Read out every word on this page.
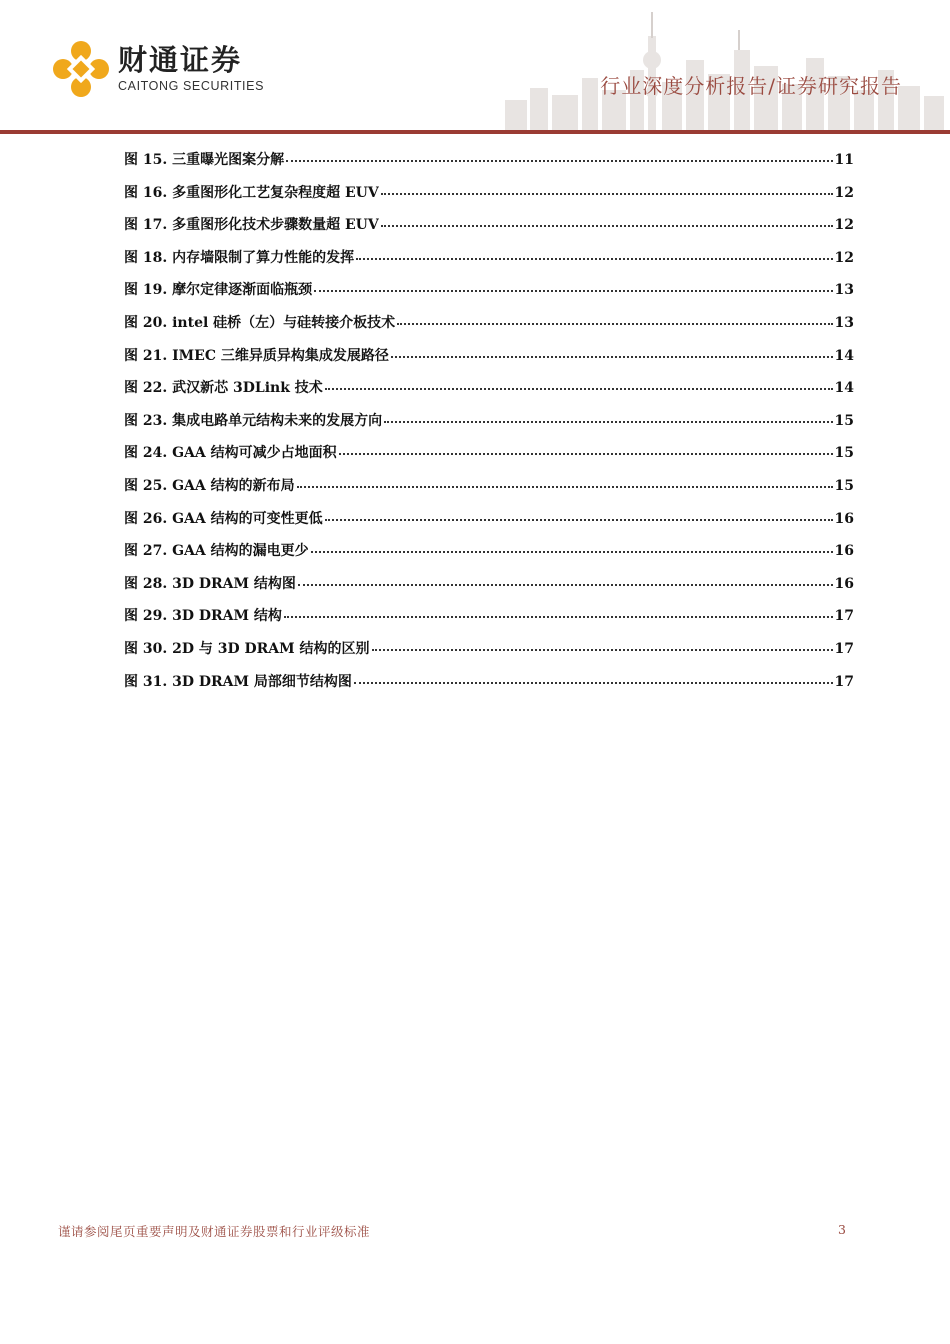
财通证券
CAITONG SECURITIES	行业深度分析报告/证券研究报告
图 15. 三重曝光图案分解	11
图 16. 多重图形化工艺复杂程度超 EUV	12
图 17. 多重图形化技术步骤数量超 EUV	12
图 18. 内存墙限制了算力性能的发挥	12
图 19. 摩尔定律逐渐面临瓶颈	13
图 20. intel 硅桥（左）与硅转接介板技术	13
图 21. IMEC 三维异质异构集成发展路径	14
图 22. 武汉新芯 3DLink 技术	14
图 23. 集成电路单元结构未来的发展方向	15
图 24. GAA 结构可减少占地面积	15
图 25. GAA 结构的新布局	15
图 26. GAA 结构的可变性更低	16
图 27. GAA 结构的漏电更少	16
图 28. 3D DRAM 结构图	16
图 29. 3D DRAM 结构	17
图 30. 2D 与 3D DRAM 结构的区别	17
图 31. 3D DRAM 局部细节结构图	17
谨请参阅尾页重要声明及财通证券股票和行业评级标准	3
